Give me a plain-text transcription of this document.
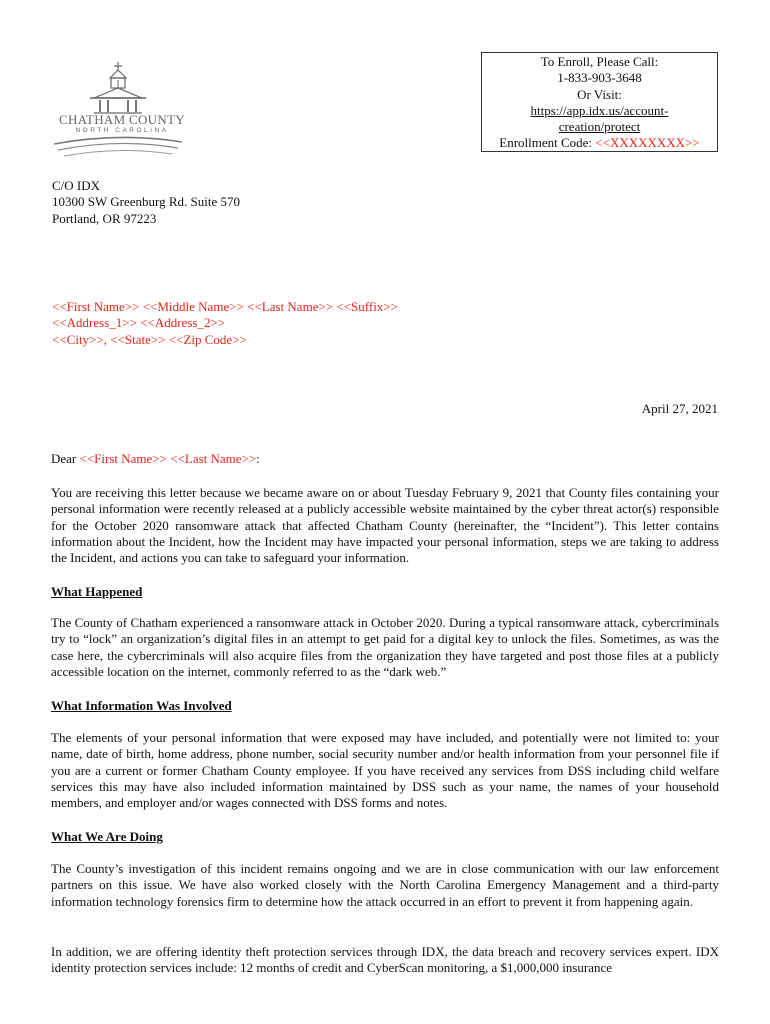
CHATHAM COUNTY
NORTH CAROLINA
To Enroll, Please Call:
1-833-903-3648
Or Visit:
https://app.idx.us/account-
creation/protect
Enrollment Code: <<XXXXXXXX>>
C/O IDX
10300 SW Greenburg Rd. Suite 570
Portland, OR 97223
<<First Name>> <<Middle Name>> <<Last Name>> <<Suffix>>
<<Address_1>> <<Address_2>>
<<City>>, <<State>> <<Zip Code>>
April 27, 2021
Dear <<First Name>> <<Last Name>>:
You are receiving this letter because we became aware on or about Tuesday February 9, 2021 that County files containing your personal information were recently released at a publicly accessible website maintained by the cyber threat actor(s) responsible for the October 2020 ransomware attack that affected Chatham County (hereinafter, the “Incident”). This letter contains information about the Incident, how the Incident may have impacted your personal information, steps we are taking to address the Incident, and actions you can take to safeguard your information.
What Happened
The County of Chatham experienced a ransomware attack in October 2020. During a typical ransomware attack, cybercriminals try to “lock” an organization’s digital files in an attempt to get paid for a digital key to unlock the files. Sometimes, as was the case here, the cybercriminals will also acquire files from the organization they have targeted and post those files at a publicly accessible location on the internet, commonly referred to as the “dark web.”
What Information Was Involved
The elements of your personal information that were exposed may have included, and potentially were not limited to: your name, date of birth, home address, phone number, social security number and/or health information from your personnel file if you are a current or former Chatham County employee. If you have received any services from DSS including child welfare services this may have also included information maintained by DSS such as your name, the names of your household members, and employer and/or wages connected with DSS forms and notes.
What We Are Doing
The County’s investigation of this incident remains ongoing and we are in close communication with our law enforcement partners on this issue. We have also worked closely with the North Carolina Emergency Management and a third-party information technology forensics firm to determine how the attack occurred in an effort to prevent it from happening again.
In addition, we are offering identity theft protection services through IDX, the data breach and recovery services expert. IDX identity protection services include: 12 months of credit and CyberScan monitoring, a $1,000,000 insurance
